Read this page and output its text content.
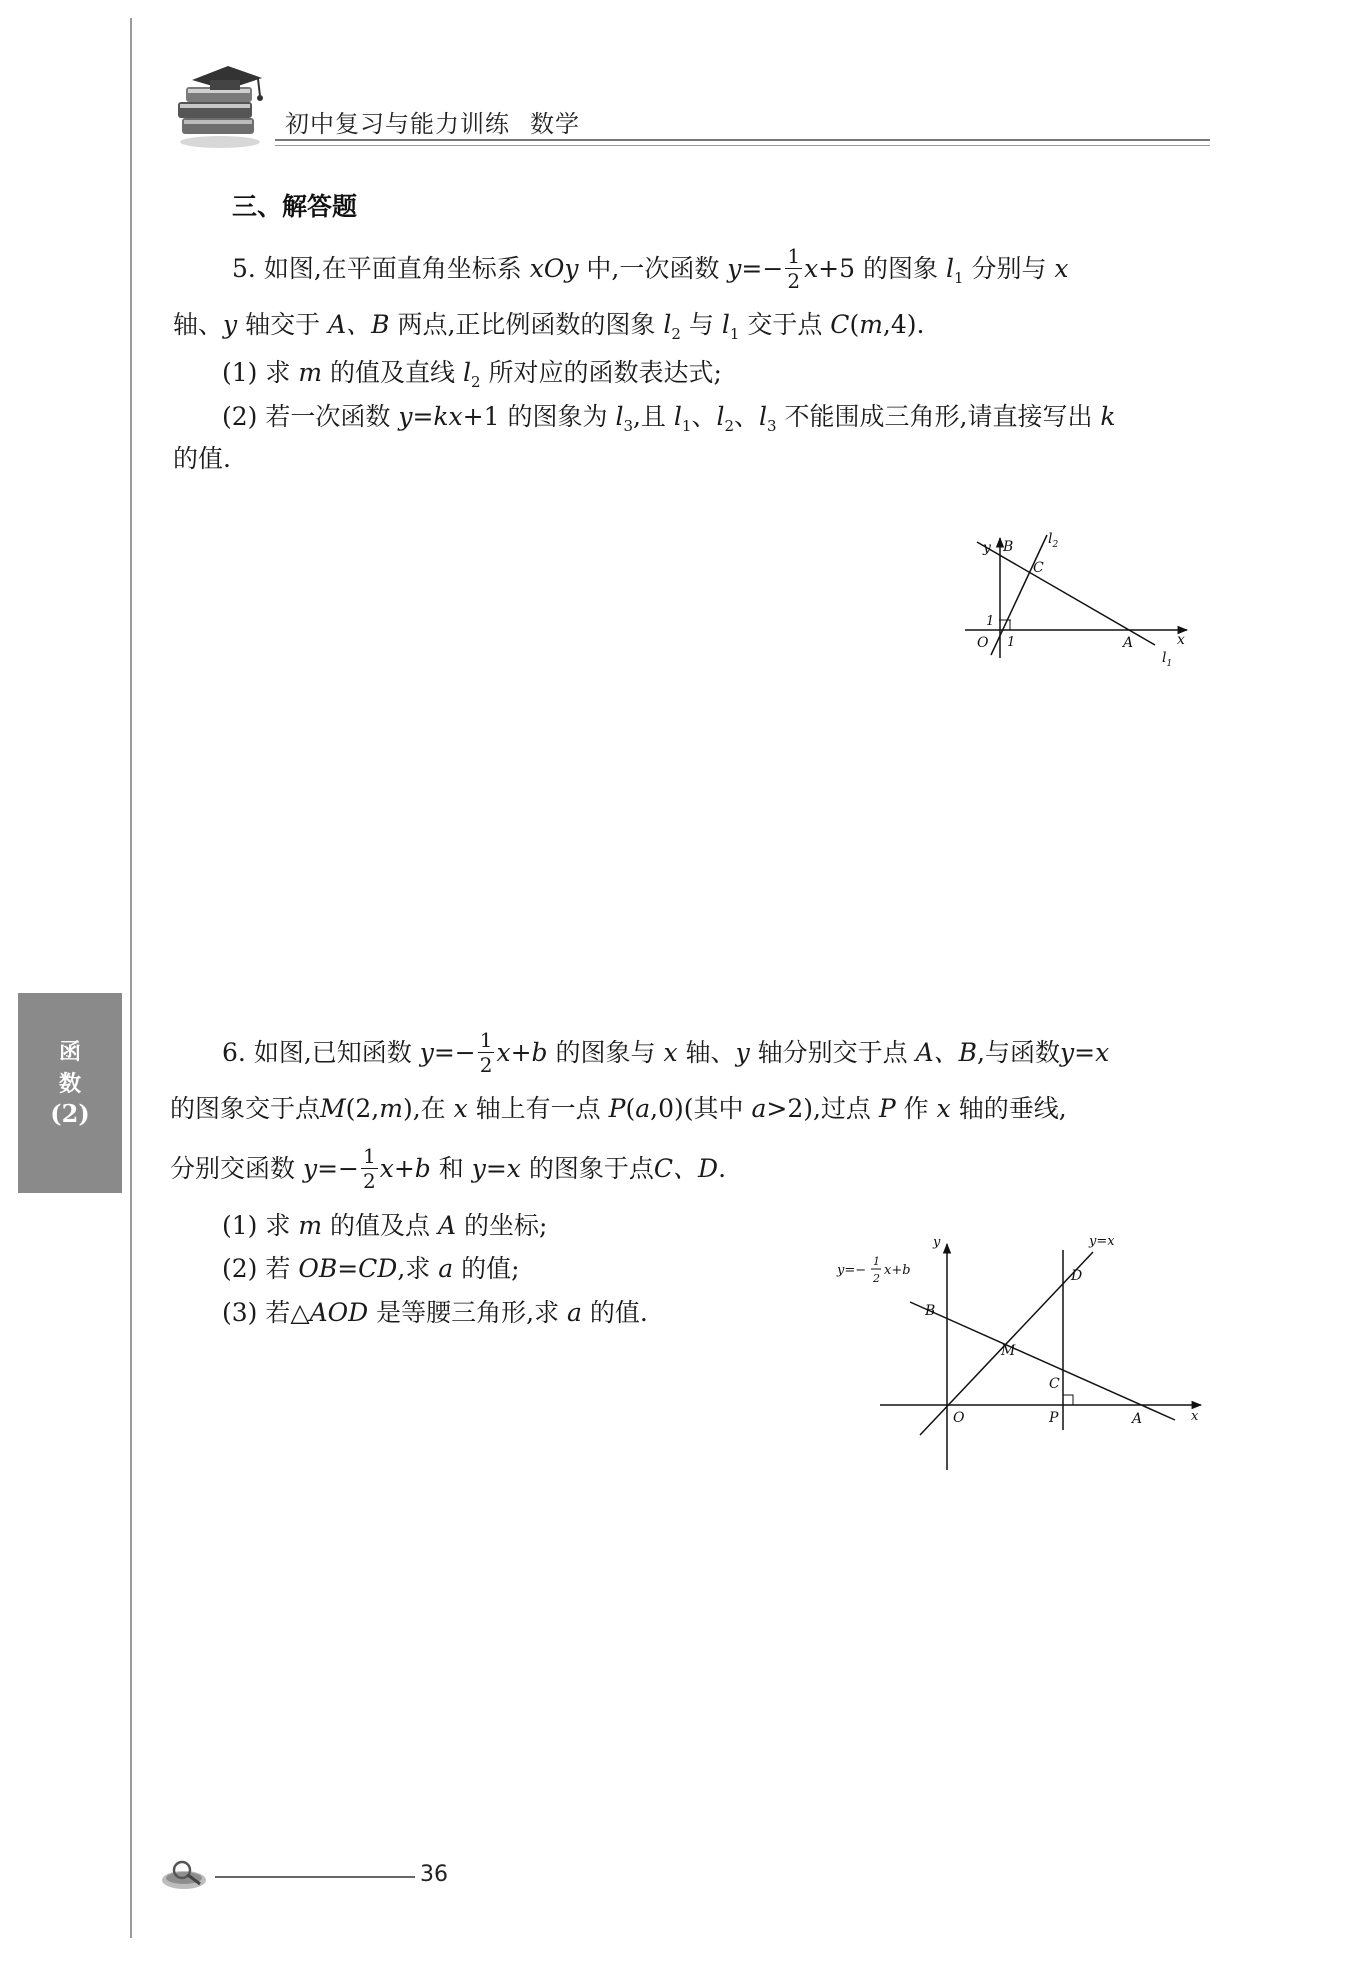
初中复习与能力训练 数学
三、解答题
5. 如图,在平面直角坐标系 xOy 中,一次函数 $y=- \frac{1}{2} x+5$ 的图象 $l_1$ 分别与 x
轴、y 轴交于 A、B 两点,正比例函数的图象 $l_2$ 与 $l_1$ 交于点 C(m,4).
(1) 求 m 的值及直线 $l_2$ 所对应的函数表达式;
(2) 若一次函数 y=kx+1 的图象为 $l_3$,且 $l_1$、$l_2$、$l_3$ 不能围成三角形,请直接写出 k
的值.
y B $l_2$
C
1
O 1	A	x
$l_1$
6. 如图,已知函数 $y=- \frac{1}{2} x+b$ 的图象与 x 轴、y 轴分别交于点 A、B,与函数y=x
的图象交于点M(2,m),在 x 轴上有一点 P(a,0)(其中 a>2),过点 P 作 x 轴的垂线,
分别交函数 $y=- \frac{1}{2} x+b$ 和 y=x 的图象于点C、D.
(1) 求 m 的值及点 A 的坐标;
(2) 若 OB=CD,求 a 的值;
(3) 若△AOD 是等腰三角形,求 a 的值.
y	y=x
y=−
1
2
x+b	D
B
M
C
O	P	A	x
函
数
(2)
36
